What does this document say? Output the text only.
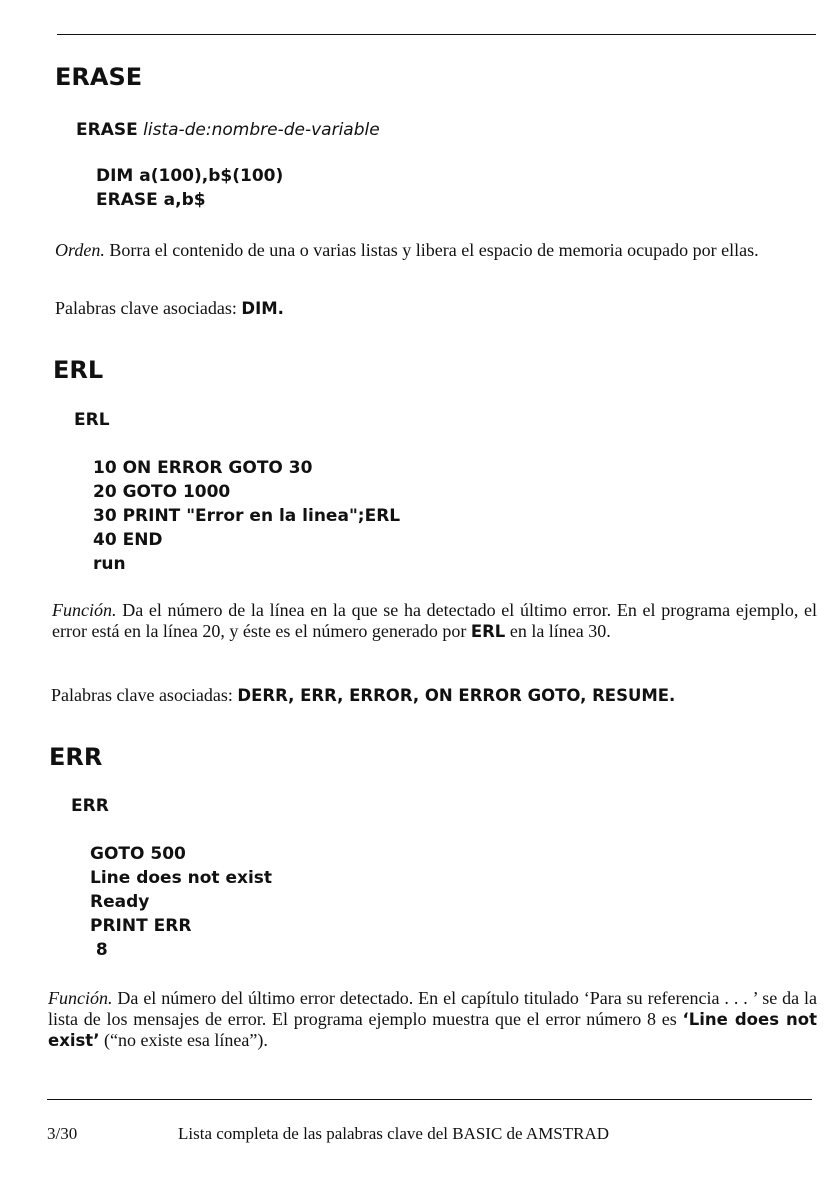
ERASE
ERASE lista-de:nombre-de-variable
DIM a(100),b$(100)
ERASE a,b$
Orden. Borra el contenido de una o varias listas y libera el espacio de memoria ocupado por ellas.
Palabras clave asociadas: DIM.
ERL
ERL
10 ON ERROR GOTO 30
20 GOTO 1000
30 PRINT "Error en la linea";ERL
40 END
run
Función. Da el número de la línea en la que se ha detectado el último error. En el programa ejemplo, el error está en la línea 20, y éste es el número generado por ERL en la línea 30.
Palabras clave asociadas: DERR, ERR, ERROR, ON ERROR GOTO, RESUME.
ERR
ERR
GOTO 500
Line does not exist
Ready
PRINT ERR
8
Función. Da el número del último error detectado. En el capítulo titulado ‘Para su referencia . . . ’ se da la lista de los mensajes de error. El programa ejemplo muestra que el error número 8 es ‘Line does not exist’ (“no existe esa línea”).
3/30	Lista completa de las palabras clave del BASIC de AMSTRAD
